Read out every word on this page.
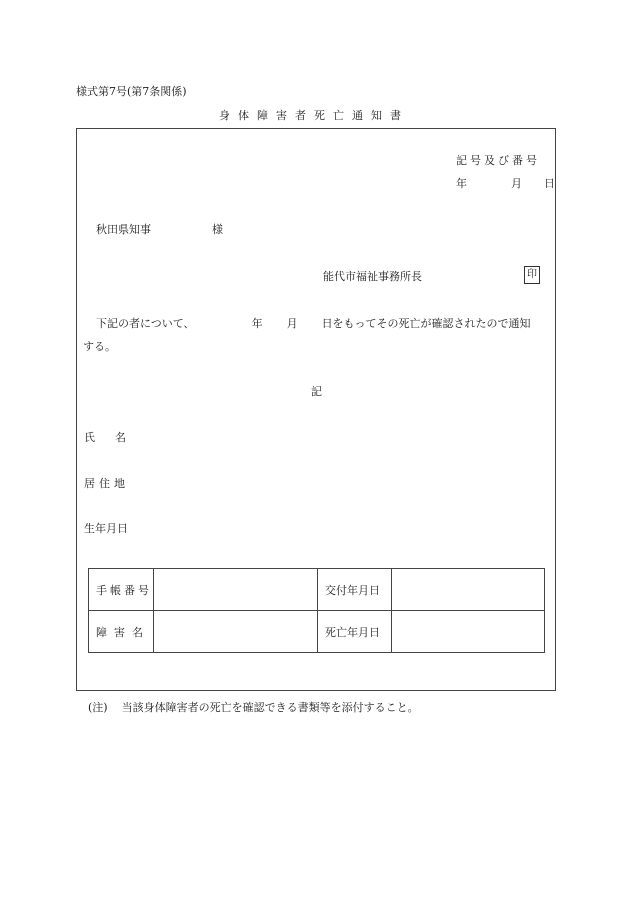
様式第7号(第7条関係)
身体障害者死亡通知書
記号及び番号
年	月 日
秋田県知事	様
能代市福祉事務所長	印
下記の者について、	年 月 日をもってその死亡が確認されたので通知
する。
記
氏 名
居住地
生年月日
手帳番号		交付年月日	
障害名		死亡年月日	
(注) 当該身体障害者の死亡を確認できる書類等を添付すること。
